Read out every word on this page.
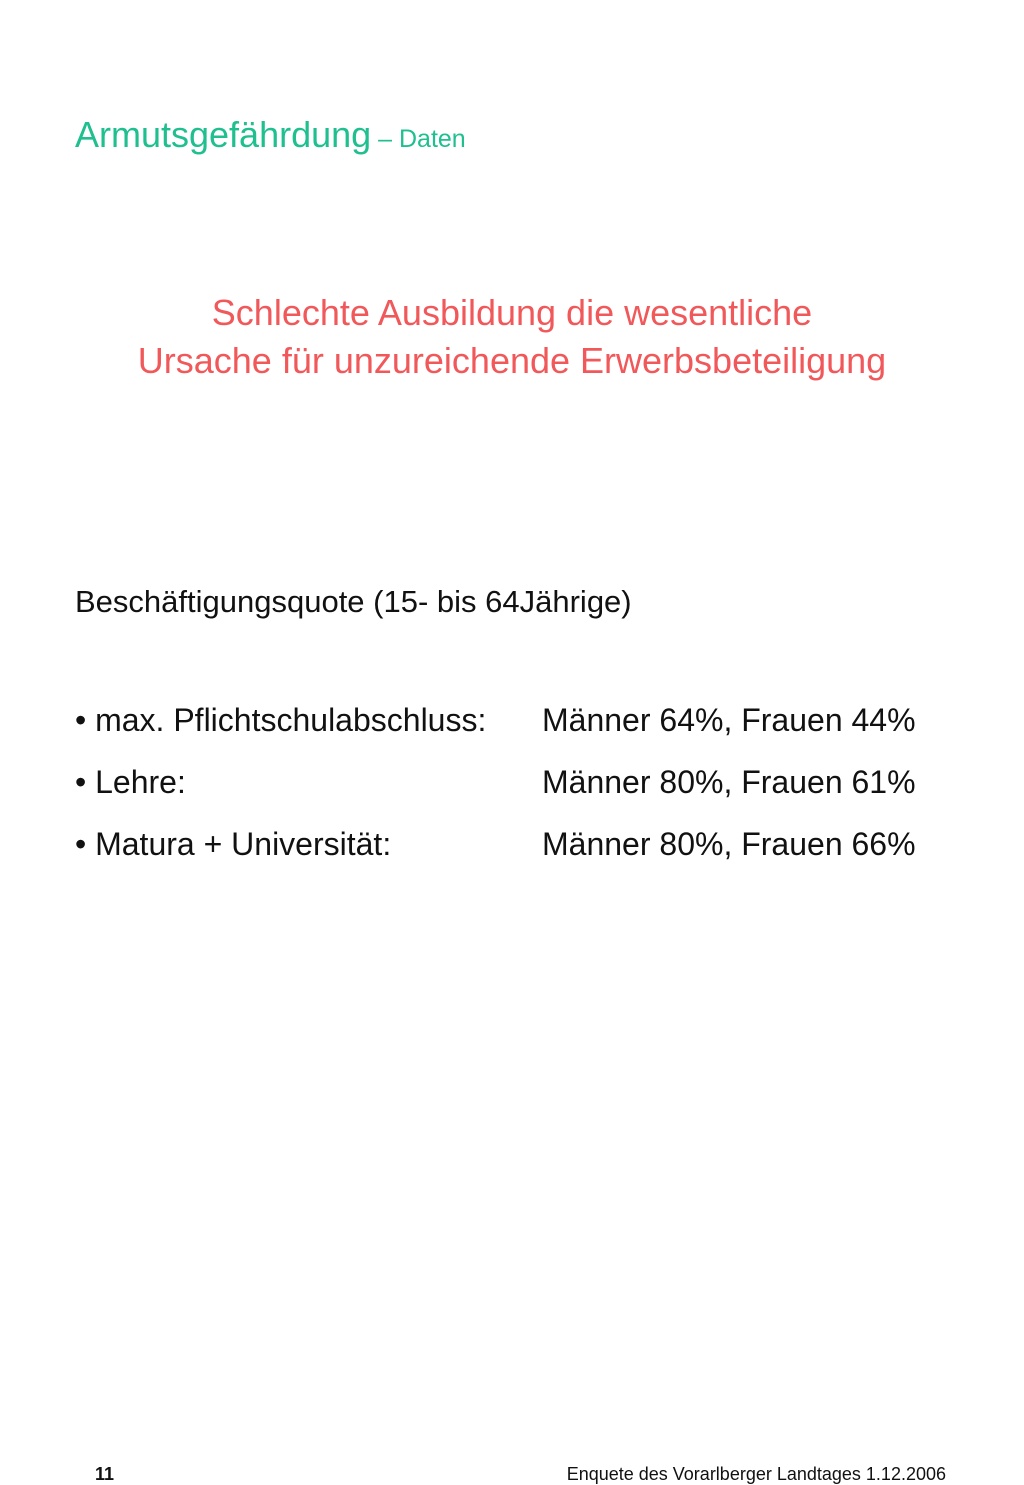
Armutsgefährdung – Daten
Schlechte Ausbildung die wesentliche
Ursache für unzureichende Erwerbsbeteiligung
Beschäftigungsquote (15- bis 64Jährige)
• max. Pflichtschulabschluss: Männer 64%, Frauen 44%
• Lehre:	Männer 80%, Frauen 61%
• Matura + Universität:	Männer 80%, Frauen 66%
11	Enquete des Vorarlberger Landtages 1.12.2006
